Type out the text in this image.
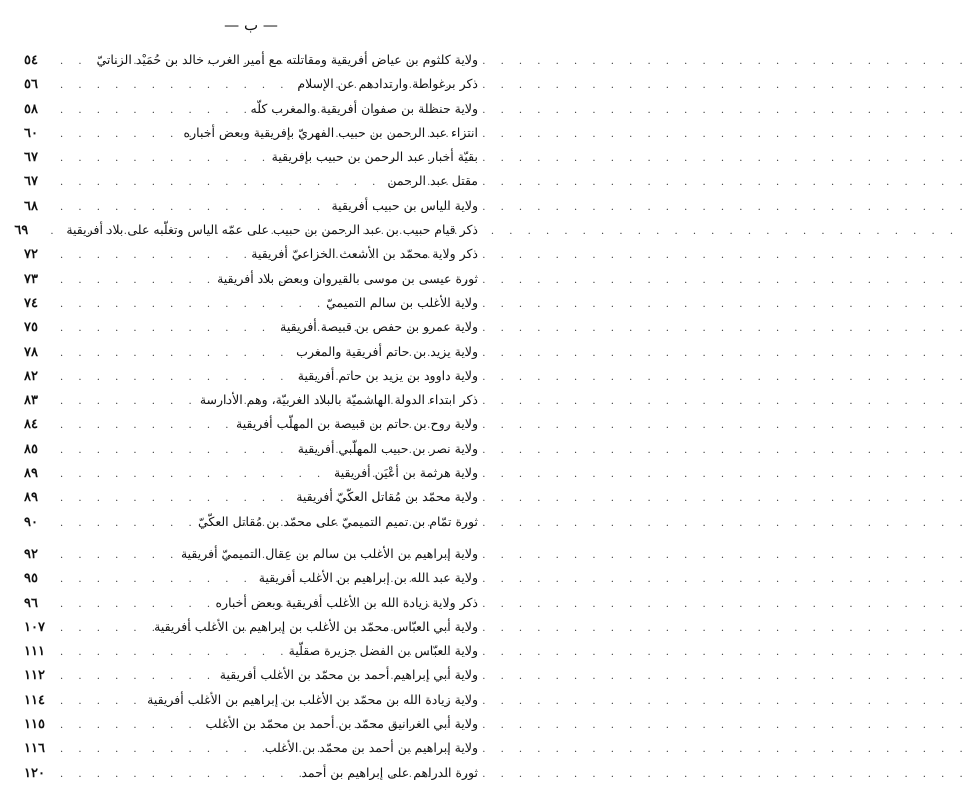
— ب —
ولاية كلثوم بن عياض أفريقية ومقاتلته مع أمير الغرب خالد بن حُمَيْد الزناتيّ
. . .
٥٤
ذكر برغواطة وارتدادهم عن الإسلام
. . .
٥٦
ولاية حنظلة بن صفوان أفريقية والمغرب كلّه
. . .
٥٨
انتزاء عبد الرحمن بن حبيب الفهريّ بإفريقية وبعض أخباره
. . .
٦٠
بقيّة أخبار عبد الرحمن بن حبيب بإفريقية
. . .
٦٧
مقتل عبد الرحمن
. . .
٦٧
ولاية الياس بن حبيب أفريقية
. . .
٦٨
ذكر قيام حبيب بن عبد الرحمن بن حبيب على عمّه الياس وتغلّبه على بلاد أفريقية
. . .
٦٩
ذكر ولاية محمّد بن الأشعث الخزاعيّ أفريقية
. . .
٧٢
ثورة عيسى بن موسى بالقيروان وبعض بلاد أفريقية
. . .
٧٣
ولاية الأغلب بن سالم التميميّ
. . .
٧٤
ولاية عمرو بن حفص بن قبيصة أفريقية
. . .
٧٥
ولاية يزيد بن حاتم أفريقية والمغرب
. . .
٧٨
ولاية داوود بن يزيد بن حاتم أفريقية
. . .
٨٢
ذكر ابتداء الدولة الهاشميّة بالبلاد الغربيّة، وهم الأدارسة
. . .
٨٣
ولاية روح بن حاتم بن قبيصة بن المهلّب أفريقية
. . .
٨٤
ولاية نصر بن حبيب المهلّبي أفريقية
. . .
٨٥
ولاية هرثمة بن أعْيَن أفريقية
. . .
٨٩
ولاية محمّد بن مُقاتل العكّيّ أفريقية
. . .
٨٩
ثورة تمّام بن تميم التميميّ على محمّد بن مُقاتل العكّيّ
. . .
٩٠
ولاية إبراهيم بن الأغلب بن سالم بن عِقال التميميّ أفريقية
. . .
٩٢
ولاية عبد الله بن إبراهيم بن الأغلب أفريقية
. . .
٩٥
ذكر ولاية زيادة الله بن الأغلب أفريقية وبعض أخباره
. . .
٩٦
ولاية أبي العبّاس محمّد بن الأغلب بن إبراهيم بن الأغلب أفريقية
. . .
١٠٧
ولاية العبّاس بن الفضل جزيرة صقلّية
. . .
١١١
ولاية أبي إبراهيم أحمد بن محمّد بن الأغلب أفريقية
. . .
١١٢
ولاية زيادة الله بن محمّد بن الأغلب بن إبراهيم بن الأغلب أفريقية
. . .
١١٤
ولاية أبي الغرانيق محمّد بن أحمد بن محمّد بن الأغلب
. . .
١١٥
ولاية إبراهيم بن أحمد بن محمّد بن الأغلب
. . .
١١٦
ثورة الدراهم على إبراهيم بن أحمد
. . .
١٢٠
